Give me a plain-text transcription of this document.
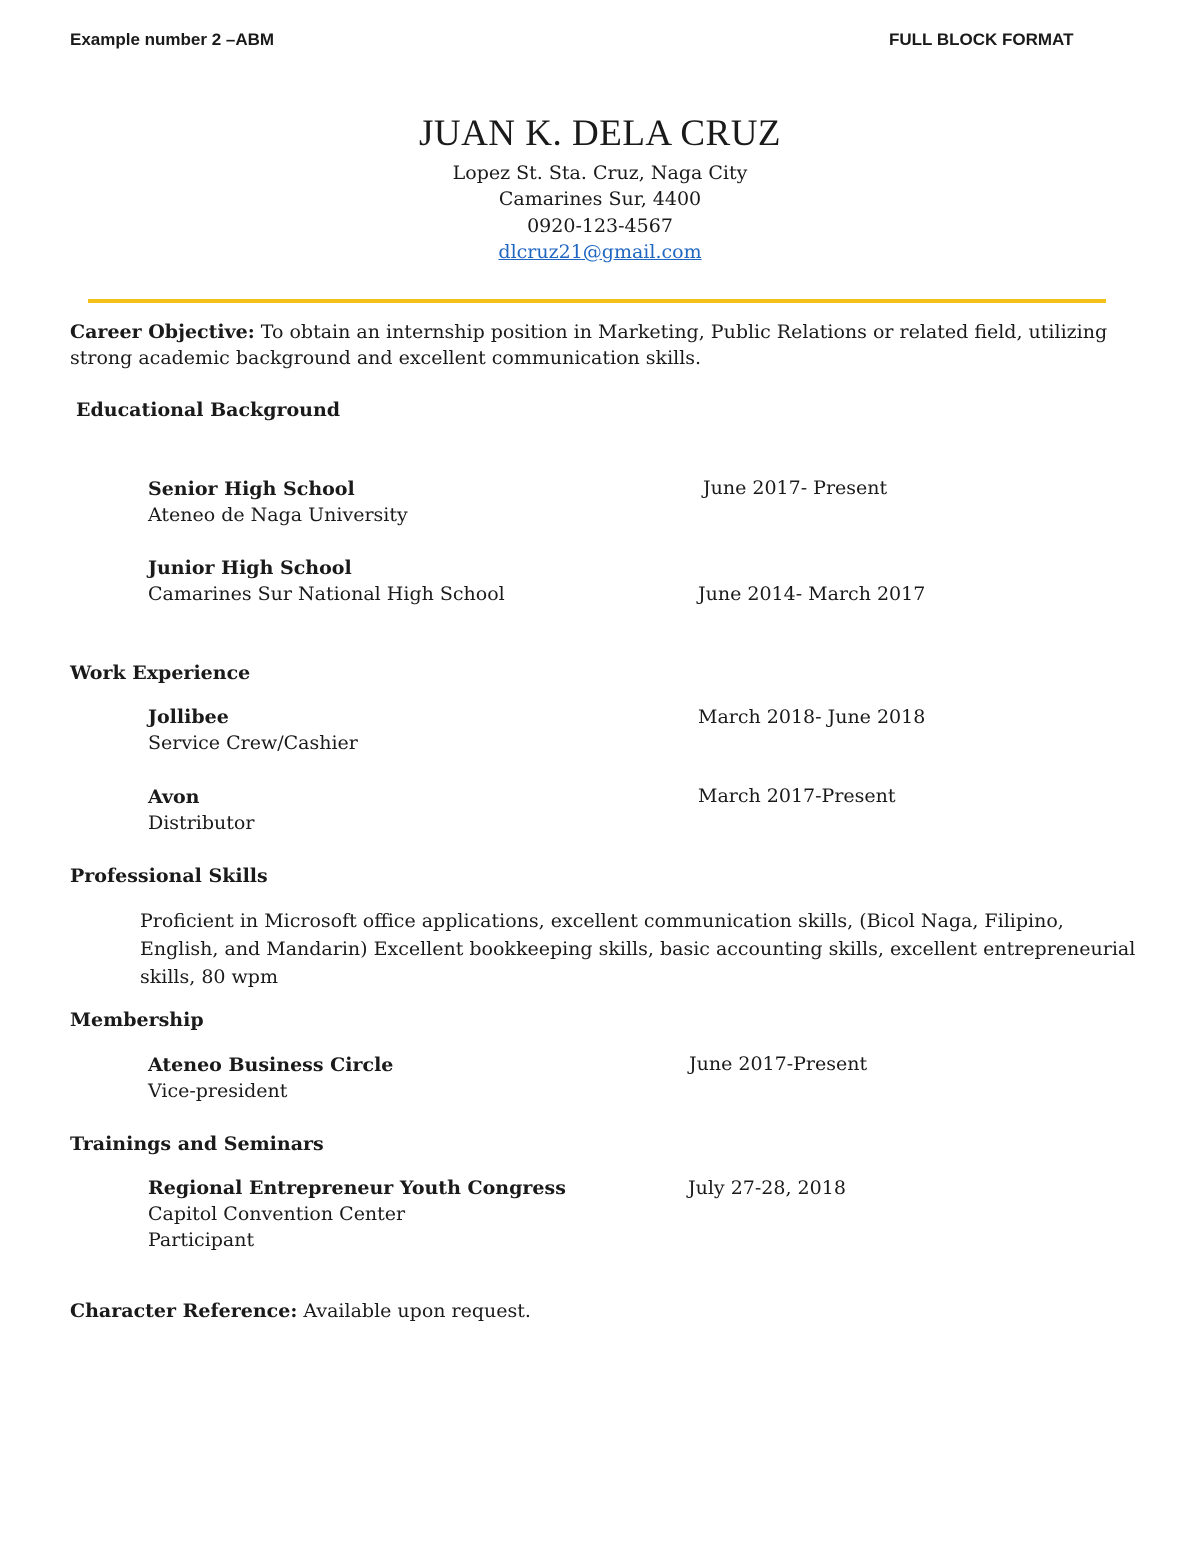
Example number 2 –ABM	FULL BLOCK FORMAT
JUAN K. DELA CRUZ
Lopez St. Sta. Cruz, Naga City
Camarines Sur, 4400
0920-123-4567
dlcruz21@gmail.com
Career Objective: To obtain an internship position in Marketing, Public Relations or related field, utilizing strong academic background and excellent communication skills.
Educational Background
Senior High School
Ateneo de Naga University
June 2017- Present
Junior High School
Camarines Sur National High School	June 2014- March 2017
Work Experience
Jollibee
Service Crew/Cashier
March 2018- June 2018
Avon
Distributor
March 2017-Present
Professional Skills
Proficient in Microsoft office applications, excellent communication skills, (Bicol Naga, Filipino, English, and Mandarin) Excellent bookkeeping skills, basic accounting skills, excellent entrepreneurial skills, 80 wpm
Membership
Ateneo Business Circle
Vice-president
June 2017-Present
Trainings and Seminars
Regional Entrepreneur Youth Congress
Capitol Convention Center
Participant
July 27-28, 2018
Character Reference: Available upon request.
